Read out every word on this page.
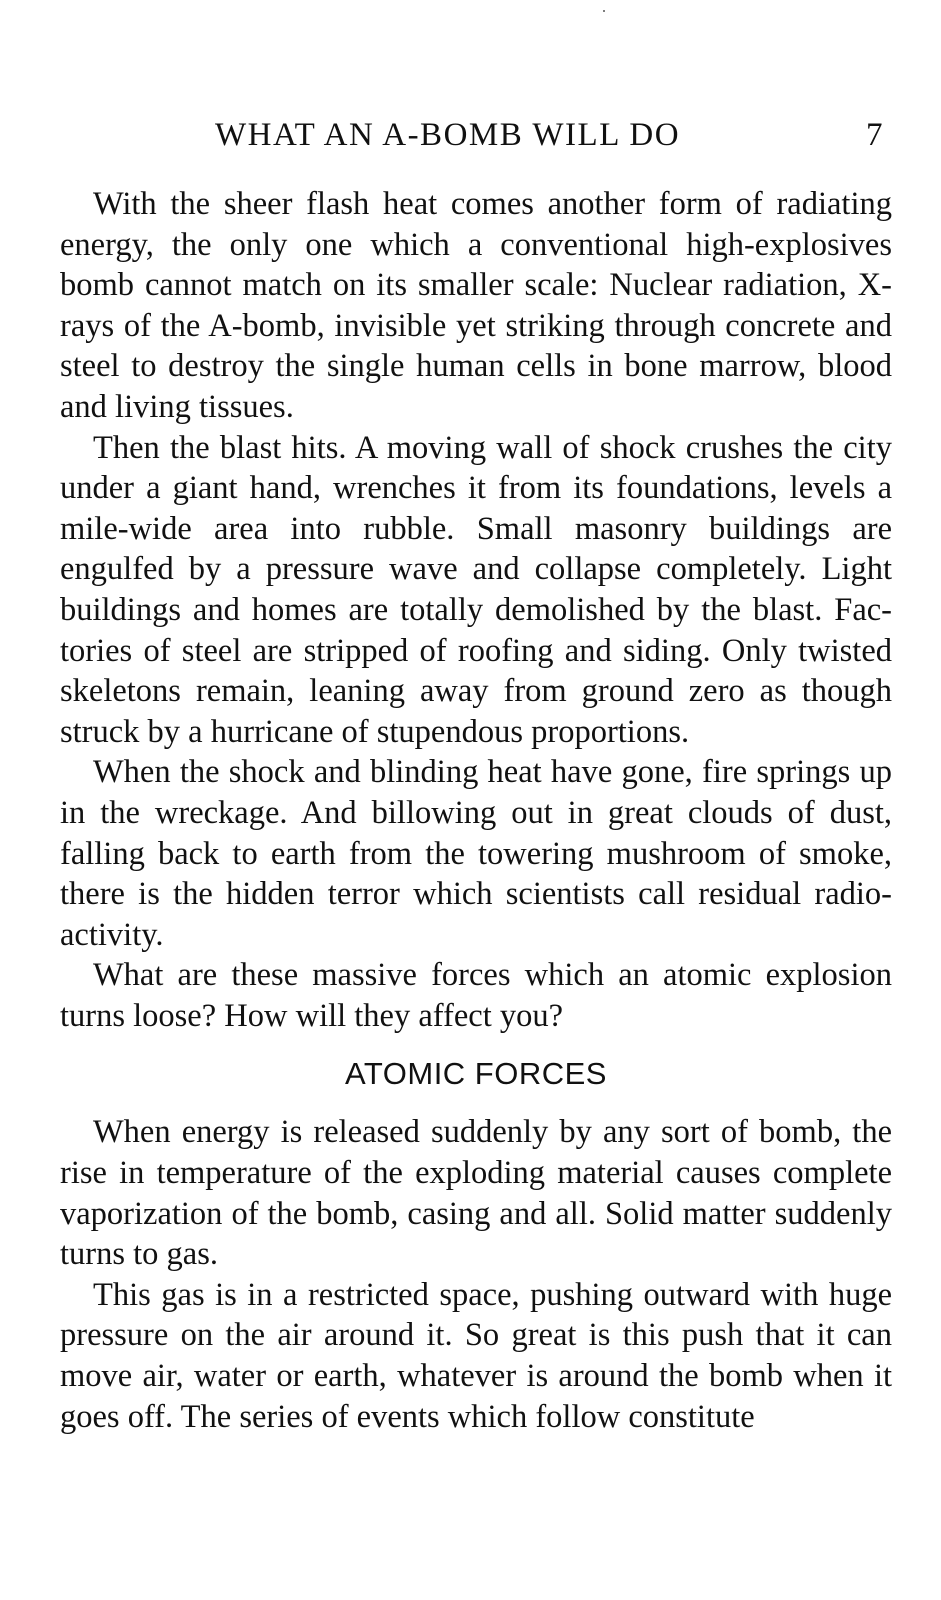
WHAT AN A-BOMB WILL DO	7

With the sheer flash heat comes another form of radiating energy, the only one which a conventional high-explosives bomb cannot match on its smaller scale: Nuclear radiation, X-rays of the A-bomb, invisible yet striking through concrete and steel to destroy the single human cells in bone marrow, blood and living tissues.

Then the blast hits. A moving wall of shock crushes the city under a giant hand, wrenches it from its foundations, levels a mile-wide area into rubble. Small masonry buildings are engulfed by a pressure wave and collapse completely. Light buildings and homes are totally demolished by the blast. Factories of steel are stripped of roofing and siding. Only twisted skeletons remain, leaning away from ground zero as though struck by a hurricane of stupendous proportions.

When the shock and blinding heat have gone, fire springs up in the wreckage. And billowing out in great clouds of dust, falling back to earth from the towering mushroom of smoke, there is the hidden terror which scientists call residual radioactivity.

What are these massive forces which an atomic explosion turns loose? How will they affect you?

ATOMIC FORCES

When energy is released suddenly by any sort of bomb, the rise in temperature of the exploding material causes complete vaporization of the bomb, casing and all. Solid matter suddenly turns to gas.

This gas is in a restricted space, pushing outward with huge pressure on the air around it. So great is this push that it can move air, water or earth, whatever is around the bomb when it goes off. The series of events which follow constitute
